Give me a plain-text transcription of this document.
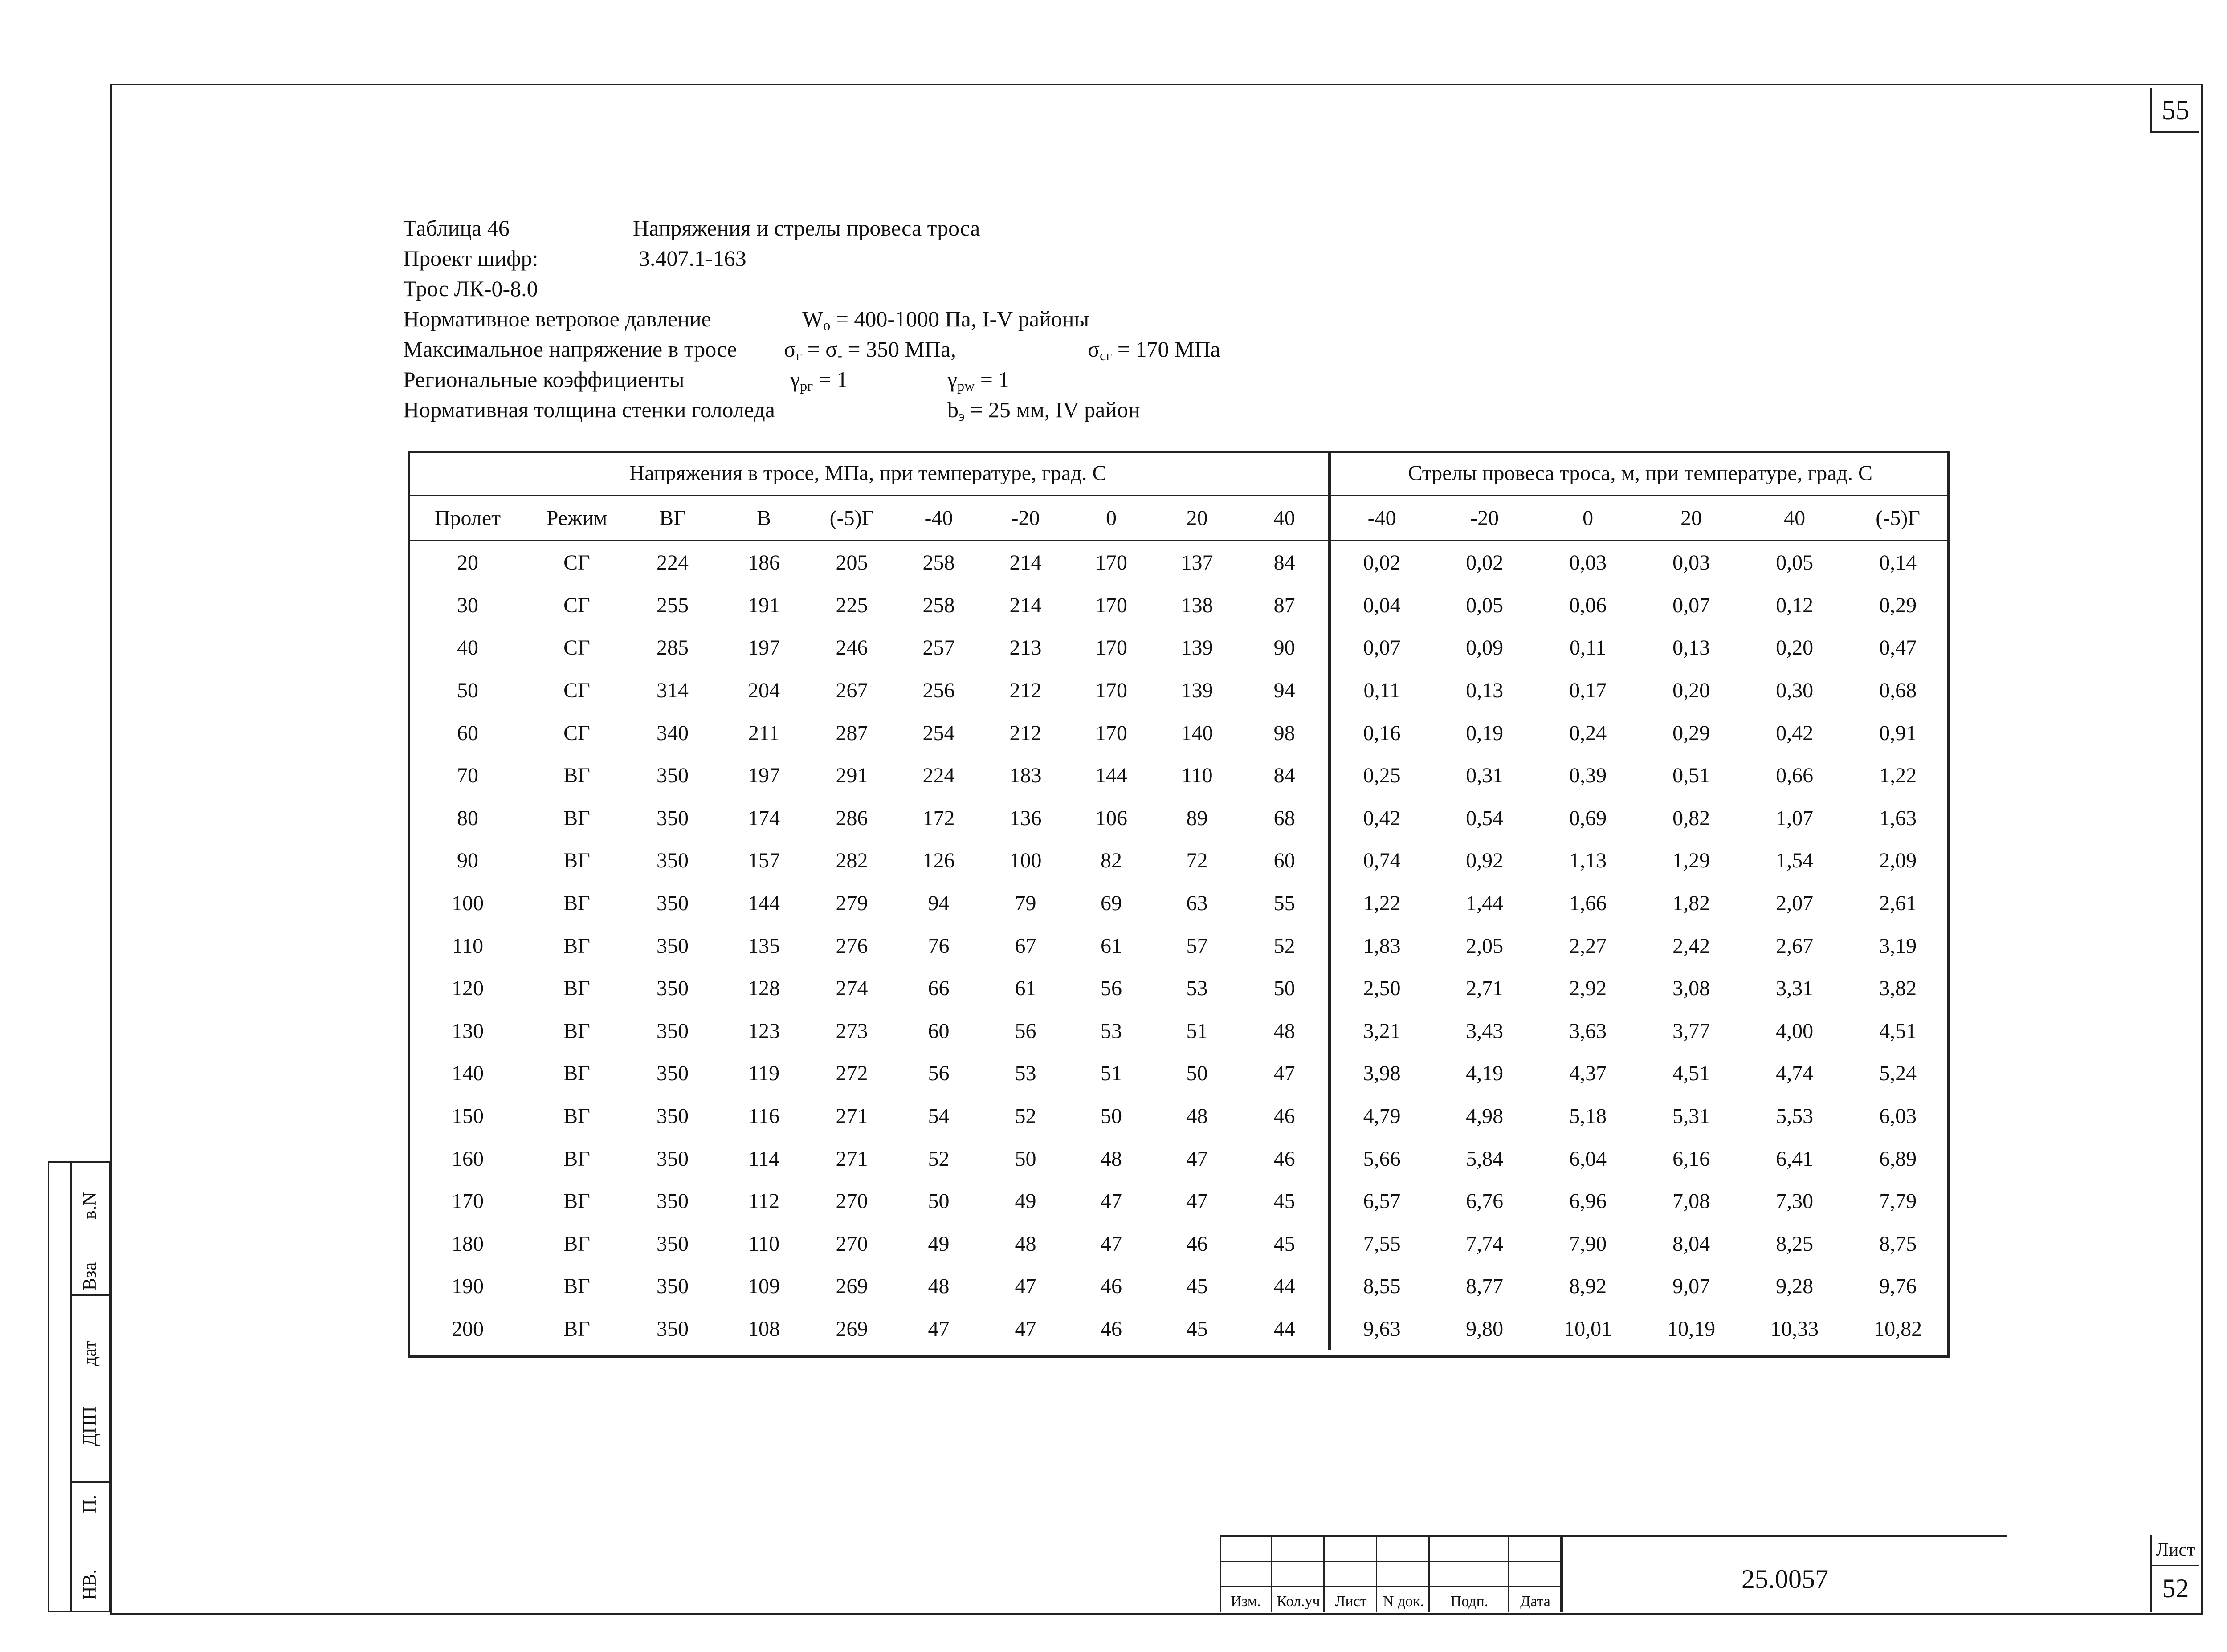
55
Таблица 46	Напряжения и стрелы провеса троса
Проект шифр:	3.407.1-163
Трос ЛК-0-8.0
Нормативное ветровое давление	$W_o = 400-1000$ Па, I-V районы
Максимальное напряжение в тросе $\sigma_г = \sigma_- = 350$ МПа,	$\sigma_{сг} = 170$ МПа
Региональные коэффициенты	$\gamma_{рг} = 1$	$\gamma_{pw} = 1$
Нормативная толщина стенки гололеда	$b_э = 25$ мм, IV район
Напряжения в тросе, МПа, при температуре, град. С										Стрелы провеса троса, м, при температуре, град. С					
Пролет	Режим	ВГ	В	(-5)Г	-40	-20	0	20	40	-40	-20	0	20	40	(-5)Г
20	СГ	224	186	205	258	214	170	137	84	0,02	0,02	0,03	0,03	0,05	0,14
30	СГ	255	191	225	258	214	170	138	87	0,04	0,05	0,06	0,07	0,12	0,29
40	СГ	285	197	246	257	213	170	139	90	0,07	0,09	0,11	0,13	0,20	0,47
50	СГ	314	204	267	256	212	170	139	94	0,11	0,13	0,17	0,20	0,30	0,68
60	СГ	340	211	287	254	212	170	140	98	0,16	0,19	0,24	0,29	0,42	0,91
70	ВГ	350	197	291	224	183	144	110	84	0,25	0,31	0,39	0,51	0,66	1,22
80	ВГ	350	174	286	172	136	106	89	68	0,42	0,54	0,69	0,82	1,07	1,63
90	ВГ	350	157	282	126	100	82	72	60	0,74	0,92	1,13	1,29	1,54	2,09
100	ВГ	350	144	279	94	79	69	63	55	1,22	1,44	1,66	1,82	2,07	2,61
110	ВГ	350	135	276	76	67	61	57	52	1,83	2,05	2,27	2,42	2,67	3,19
120	ВГ	350	128	274	66	61	56	53	50	2,50	2,71	2,92	3,08	3,31	3,82
130	ВГ	350	123	273	60	56	53	51	48	3,21	3,43	3,63	3,77	4,00	4,51
140	ВГ	350	119	272	56	53	51	50	47	3,98	4,19	4,37	4,51	4,74	5,24
150	ВГ	350	116	271	54	52	50	48	46	4,79	4,98	5,18	5,31	5,53	6,03
160	ВГ	350	114	271	52	50	48	47	46	5,66	5,84	6,04	6,16	6,41	6,89
170	ВГ	350	112	270	50	49	47	47	45	6,57	6,76	6,96	7,08	7,30	7,79
180	ВГ	350	110	270	49	48	47	46	45	7,55	7,74	7,90	8,04	8,25	8,75
190	ВГ	350	109	269	48	47	46	45	44	8,55	8,77	8,92	9,07	9,28	9,76
200	ВГ	350	108	269	47	47	46	45	44	9,63	9,80	10,01	10,19	10,33	10,82
в.N
Вза
дат
ДПП
П.
НВ.
Изм.	Кол.уч Лист	N док.	Подп.	Дата
25.0057
Лист
52
